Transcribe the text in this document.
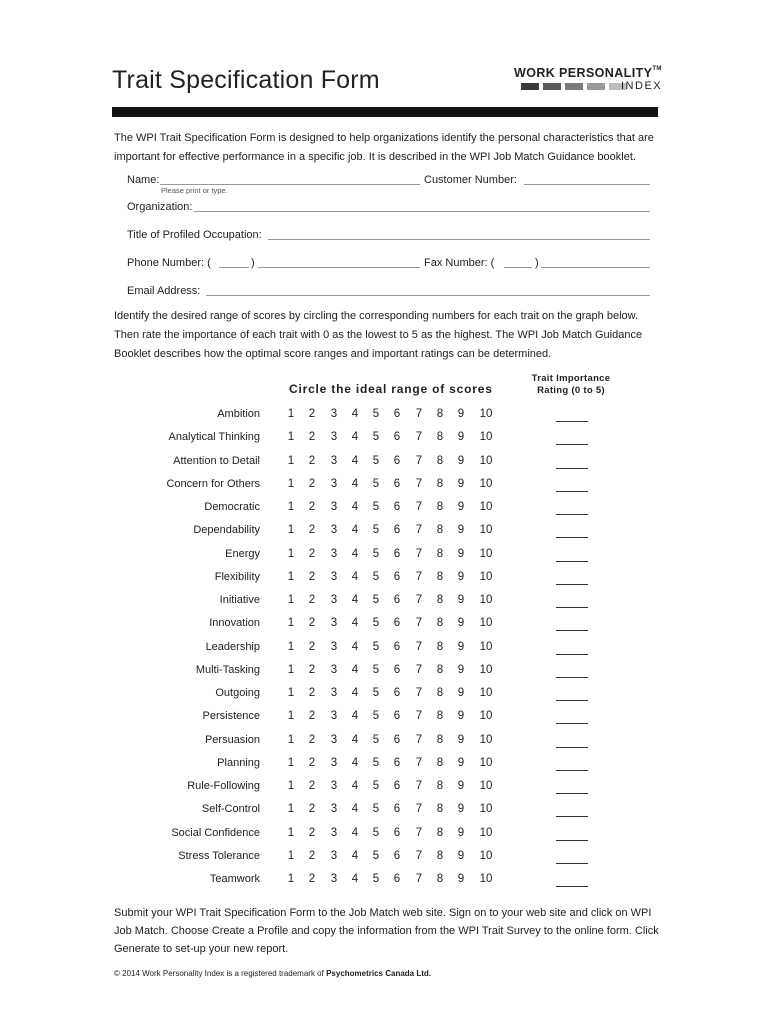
Trait Specification Form	WORK PERSONALITY™
INDEX
The WPI Trait Specification Form is designed to help organizations identify the personal characteristics that are important for effective performance in a specific job. It is described in the WPI Job Match Guidance booklet.
Name:
Please print or type.
Customer Number:
Organization:
Title of Profiled Occupation:
Phone Number: (	)	Fax Number: (	)
Email Address:
Identify the desired range of scores by circling the corresponding numbers for each trait on the graph below. Then rate the importance of each trait with 0 as the lowest to 5 as the highest. The WPI Job Match Guidance Booklet describes how the optimal score ranges and important ratings can be determined.
Circle the ideal range of scores
Trait Importance
Rating (0 to 5)
Ambition	1	2	3	4	5	6	7	8	9	10
Analytical Thinking	1	2	3	4	5	6	7	8	9	10
Attention to Detail	1	2	3	4	5	6	7	8	9	10
Concern for Others	1	2	3	4	5	6	7	8	9	10
Democratic	1	2	3	4	5	6	7	8	9	10
Dependability	1	2	3	4	5	6	7	8	9	10
Energy	1	2	3	4	5	6	7	8	9	10
Flexibility	1	2	3	4	5	6	7	8	9	10
Initiative	1	2	3	4	5	6	7	8	9	10
Innovation	1	2	3	4	5	6	7	8	9	10
Leadership	1	2	3	4	5	6	7	8	9	10
Multi-Tasking	1	2	3	4	5	6	7	8	9	10
Outgoing	1	2	3	4	5	6	7	8	9	10
Persistence	1	2	3	4	5	6	7	8	9	10
Persuasion	1	2	3	4	5	6	7	8	9	10
Planning	1	2	3	4	5	6	7	8	9	10
Rule-Following	1	2	3	4	5	6	7	8	9	10
Self-Control	1	2	3	4	5	6	7	8	9	10
Social Confidence	1	2	3	4	5	6	7	8	9	10
Stress Tolerance	1	2	3	4	5	6	7	8	9	10
Teamwork	1	2	3	4	5	6	7	8	9	10
Submit your WPI Trait Specification Form to the Job Match web site. Sign on to your web site and click on WPI Job Match. Choose Create a Profile and copy the information from the WPI Trait Survey to the online form. Click Generate to set-up your new report.
© 2014 Work Personality Index is a registered trademark of Psychometrics Canada Ltd.
